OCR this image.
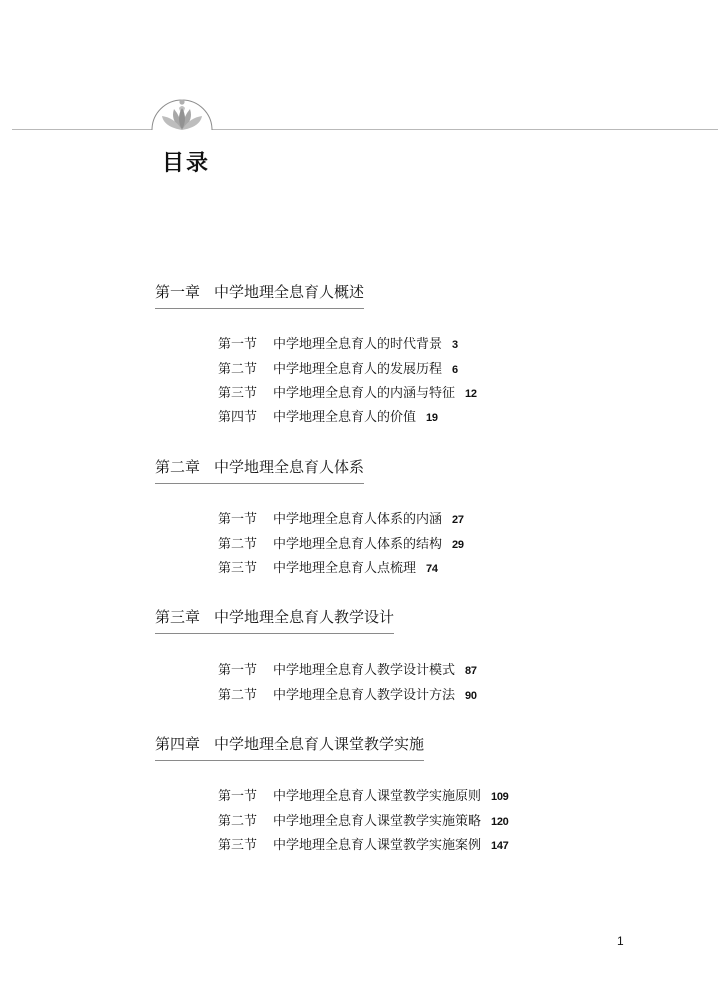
目录
第一章 中学地理全息育人概述
第一节 中学地理全息育人的时代背景 3
第二节 中学地理全息育人的发展历程 6
第三节 中学地理全息育人的内涵与特征 12
第四节 中学地理全息育人的价值 19
第二章 中学地理全息育人体系
第一节 中学地理全息育人体系的内涵 27
第二节 中学地理全息育人体系的结构 29
第三节 中学地理全息育人点梳理 74
第三章 中学地理全息育人教学设计
第一节 中学地理全息育人教学设计模式 87
第二节 中学地理全息育人教学设计方法 90
第四章 中学地理全息育人课堂教学实施
第一节 中学地理全息育人课堂教学实施原则 109
第二节 中学地理全息育人课堂教学实施策略 120
第三节 中学地理全息育人课堂教学实施案例 147
1
